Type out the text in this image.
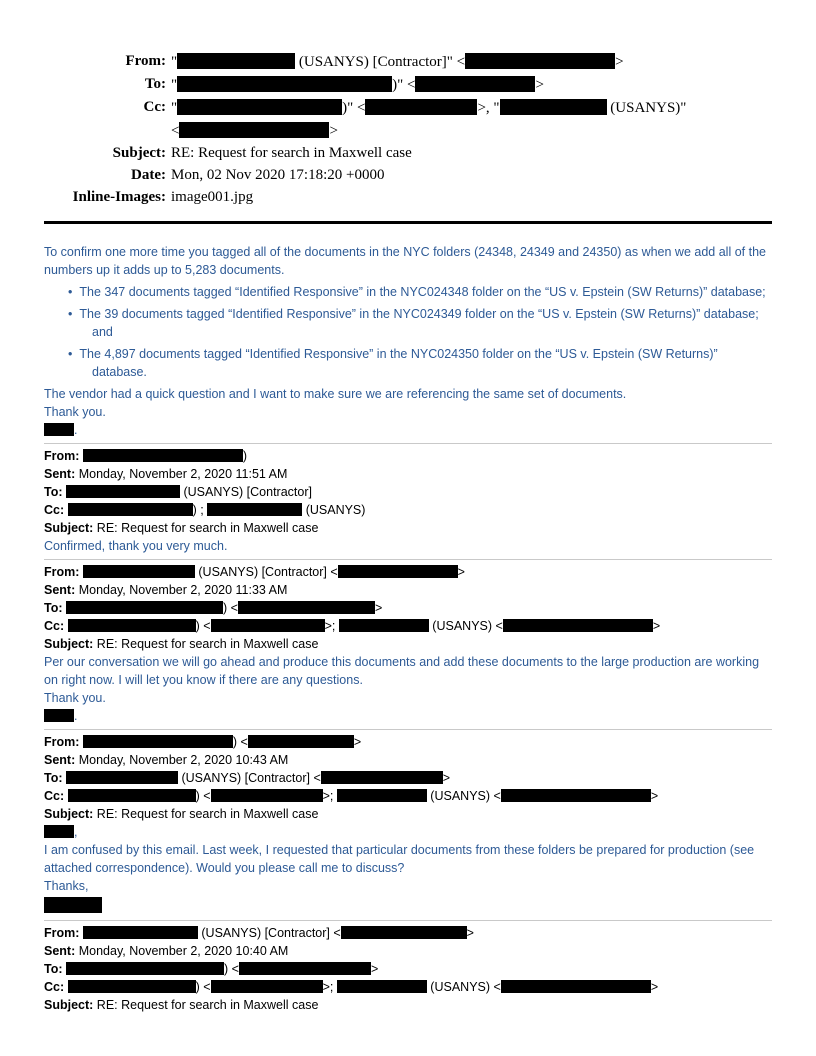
From: "	(USANYS) [Contractor]" <	>
To: "	)" <	>
Cc: "	)" <	>, "	(USANYS)"
<	>
Subject: RE: Request for search in Maxwell case
Date: Mon, 02 Nov 2020 17:18:20 +0000
Inline-Images: image001.jpg

To confirm one more time you tagged all of the documents in the NYC folders (24348, 24349 and 24350) as when we add all of the numbers up it adds up to 5,283 documents.

• The 347 documents tagged “Identified Responsive” in the NYC024348 folder on the “US v. Epstein (SW Returns)” database;
• The 39 documents tagged “Identified Responsive” in the NYC024349 folder on the “US v. Epstein (SW Returns)” database; and
• The 4,897 documents tagged “Identified Responsive” in the NYC024350 folder on the “US v. Epstein (SW Returns)” database.

The vendor had a quick question and I want to make sure we are referencing the same set of documents.

Thank you.

.

From:	)
Sent: Monday, November 2, 2020 11:51 AM
To:	(USANYS) [Contractor]
Cc:	) ;	(USANYS)
Subject: RE: Request for search in Maxwell case

Confirmed, thank you very much.

From:	(USANYS) [Contractor] <	>
Sent: Monday, November 2, 2020 11:33 AM
To:	) <	>
Cc:	) <	>;	(USANYS) <	>
Subject: RE: Request for search in Maxwell case

Per our conversation we will go ahead and produce this documents and add these documents to the large production are working on right now. I will let you know if there are any questions.

Thank you.

.

From:	) <	>
Sent: Monday, November 2, 2020 10:43 AM
To:	(USANYS) [Contractor] <	>
Cc:	) <	>;	(USANYS) <	>
Subject: RE: Request for search in Maxwell case

,

I am confused by this email. Last week, I requested that particular documents from these folders be prepared for production (see attached correspondence). Would you please call me to discuss?

Thanks,

From:	(USANYS) [Contractor] <	>
Sent: Monday, November 2, 2020 10:40 AM
To:	) <	>
Cc:	) <	>;	(USANYS) <	>
Subject: RE: Request for search in Maxwell case
